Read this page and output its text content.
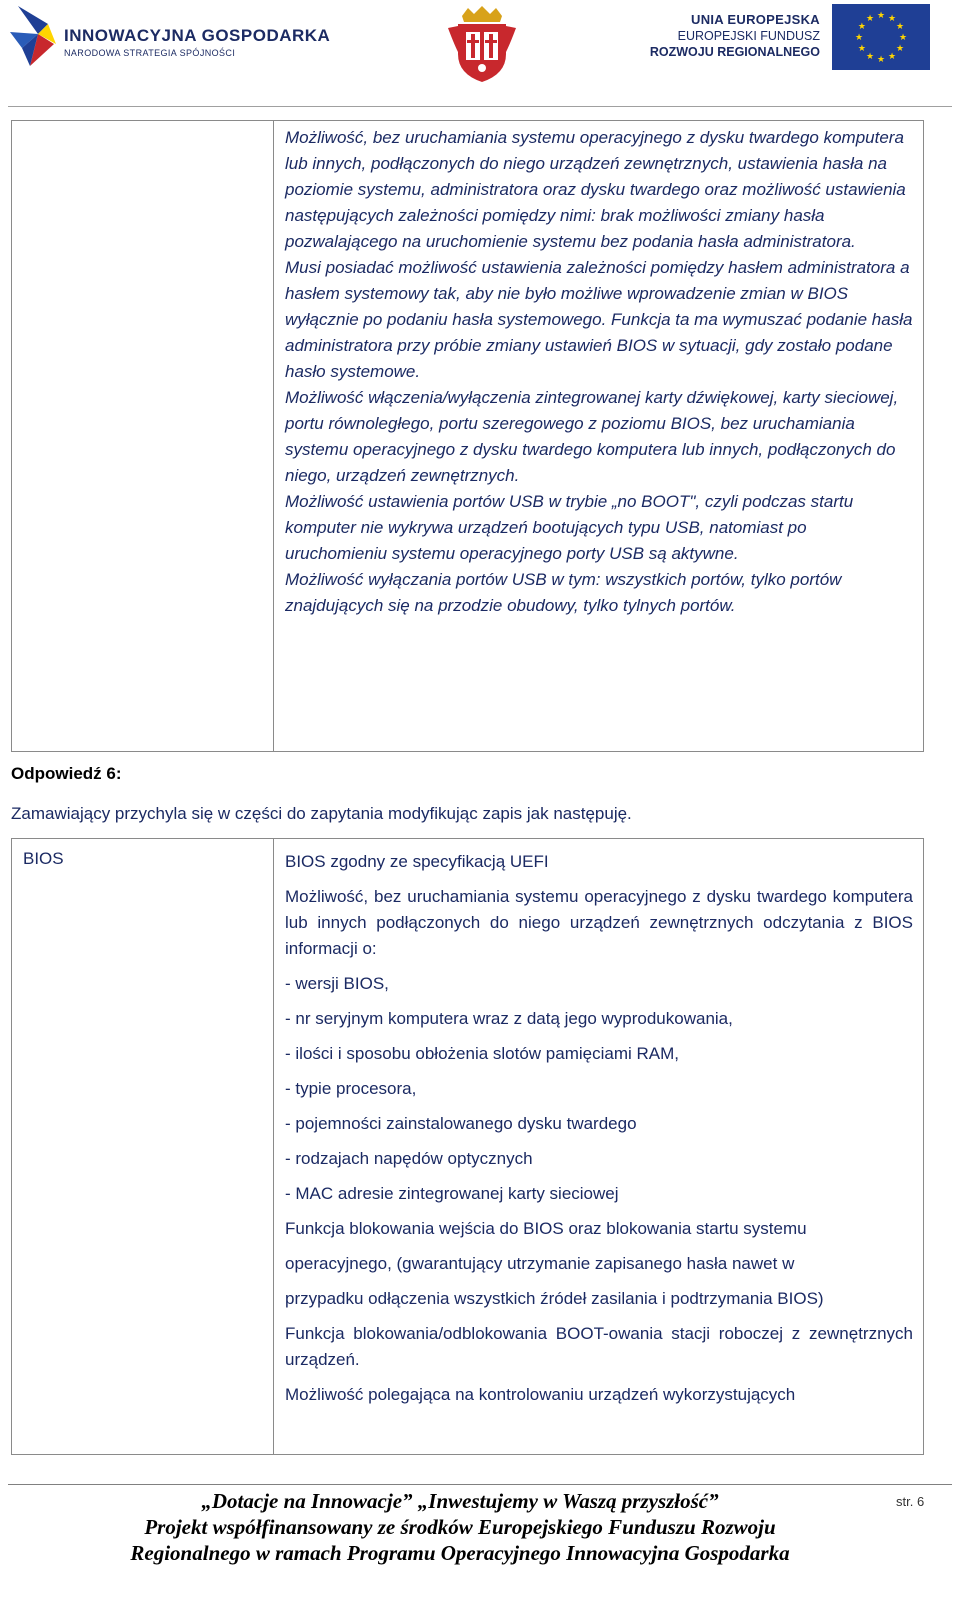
INNOWACYJNA GOSPODARKA
NARODOWA STRATEGIA SPÓJNOŚCI
UNIA EUROPEJSKA
EUROPEJSKI FUNDUSZ
ROZWOJU REGIONALNEGO
★ ★
★
★
★
★
★
★
★
★
★
★

Możliwość, bez uruchamiania systemu operacyjnego z dysku twardego komputera lub innych, podłączonych do niego urządzeń zewnętrznych, ustawienia hasła na poziomie systemu, administratora oraz dysku twardego oraz możliwość ustawienia następujących zależności pomiędzy nimi: brak możliwości zmiany hasła pozwalającego na uruchomienie systemu bez podania hasła administratora.

Musi posiadać możliwość ustawienia zależności pomiędzy hasłem administratora a hasłem systemowy tak, aby nie było możliwe wprowadzenie zmian w BIOS wyłącznie po podaniu hasła systemowego. Funkcja ta ma wymuszać podanie hasła administratora przy próbie zmiany ustawień BIOS w sytuacji, gdy zostało podane hasło systemowe.

Możliwość włączenia/wyłączenia zintegrowanej karty dźwiękowej, karty sieciowej, portu równoległego, portu szeregowego z poziomu BIOS, bez uruchamiania systemu operacyjnego z dysku twardego komputera lub innych, podłączonych do niego, urządzeń zewnętrznych.

Możliwość ustawienia portów USB w trybie „no BOOT", czyli podczas startu komputer nie wykrywa urządzeń bootujących typu USB, natomiast po uruchomieniu systemu operacyjnego porty USB są aktywne.

Możliwość wyłączania portów USB w tym: wszystkich portów, tylko portów znajdujących się na przodzie obudowy, tylko tylnych portów.

Odpowiedź 6:
Zamawiający przychyla się w części do zapytania modyfikując zapis jak następuję.
BIOS	BIOS zgodny ze specyfikacją UEFI

Możliwość, bez uruchamiania systemu operacyjnego z dysku twardego komputera lub innych podłączonych do niego urządzeń zewnętrznych odczytania z BIOS informacji o:

- wersji BIOS,

- nr seryjnym komputera wraz z datą jego wyprodukowania,

- ilości i sposobu obłożenia slotów pamięciami RAM,

- typie procesora,

- pojemności zainstalowanego dysku twardego

- rodzajach napędów optycznych

- MAC adresie zintegrowanej karty sieciowej

Funkcja blokowania wejścia do BIOS oraz blokowania startu systemu

operacyjnego, (gwarantujący utrzymanie zapisanego hasła nawet w

przypadku odłączenia wszystkich źródeł zasilania i podtrzymania BIOS)

Funkcja blokowania/odblokowania BOOT-owania stacji roboczej z zewnętrznych urządzeń.

Możliwość polegająca na kontrolowaniu urządzeń wykorzystujących

„Dotacje na Innowacje” „Inwestujemy w Waszą przyszłość”
Projekt współfinansowany ze środków Europejskiego Funduszu Rozwoju
Regionalnego w ramach Programu Operacyjnego Innowacyjna Gospodarka
str. 6
